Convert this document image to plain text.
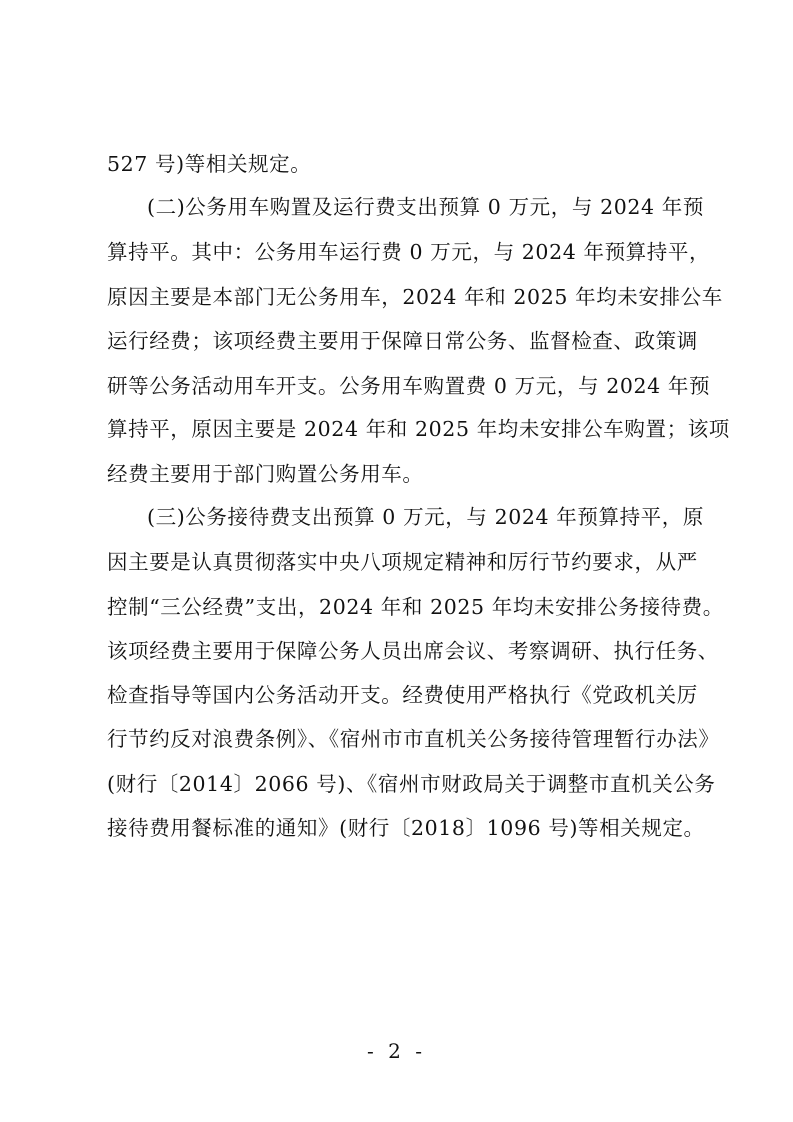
527 号)等相关规定。
(二)公务用车购置及运行费支出预算 0 万元，与 2024 年预
算持平。其中：公务用车运行费 0 万元，与 2024 年预算持平，
原因主要是本部门无公务用车，2024 年和 2025 年均未安排公车
运行经费；该项经费主要用于保障日常公务、监督检查、政策调
研等公务活动用车开支。公务用车购置费 0 万元，与 2024 年预
算持平，原因主要是 2024 年和 2025 年均未安排公车购置；该项
经费主要用于部门购置公务用车。
(三)公务接待费支出预算 0 万元，与 2024 年预算持平，原
因主要是认真贯彻落实中央八项规定精神和厉行节约要求，从严
控制“三公经费”支出，2024 年和 2025 年均未安排公务接待费。
该项经费主要用于保障公务人员出席会议、考察调研、执行任务、
检查指导等国内公务活动开支。经费使用严格执行《党政机关厉
行节约反对浪费条例》、《宿州市市直机关公务接待管理暂行办法》
(财行〔2014〕2066 号)、《宿州市财政局关于调整市直机关公务
接待费用餐标准的通知》(财行〔2018〕1096 号)等相关规定。
- 2 -
